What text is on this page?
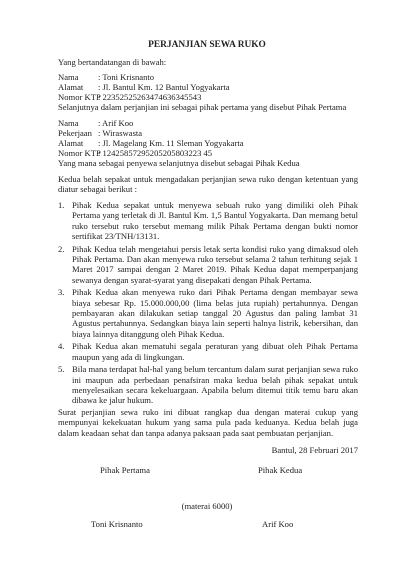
PERJANJIAN SEWA RUKO
Yang bertandatangan di bawah:
Nama : Toni Krisnanto
Alamat : Jl. Bantul Km. 12 Bantul Yogyakarta
Nomor KTP: 22352525263474636345543
Selanjutnya dalam perjanjian ini sebagai pihak pertama yang disebut Pihak Pertama
Nama : Arif Koo
Pekerjaan : Wiraswasta
Alamat : Jl. Magelang Km. 11 Sleman Yogyakarta
Nomor KTP: 12425857295205205803223 45
Yang mana sebagai penyewa selanjutnya disebut sebagai Pihak Kedua
Kedua belah sepakat untuk mengadakan perjanjian sewa ruko dengan ketentuan yang diatur sebagai berikut :
1. Pihak Kedua sepakat untuk menyewa sebuah ruko yang dimiliki oleh Pihak Pertama yang terletak di Jl. Bantul Km. 1,5 Bantul Yogyakarta. Dan memang betul ruko tersebut ruko tersebut memang milik Pihak Pertama dengan bukti nomor sertifikat 23/TNH/13131.
2. Pihak Kedua telah mengetahui persis letak serta kondisi ruko yang dimaksud oleh Pihak Pertama. Dan akan menyewa ruko tersebut selama 2 tahun terhitung sejak 1 Maret 2017 sampai dengan 2 Maret 2019. Pihak Kedua dapat memperpanjang sewanya dengan syarat-syarat yang disepakati dengan Pihak Pertama.
3. Pihak Kedua akan menyewa ruko dari Pihak Pertama dengan membayar sewa biaya sebesar Rp. 15.000.000,00 (lima belas juta rupiah) pertahunnya. Dengan pembayaran akan dilakukan setiap tanggal 20 Agustus dan paling lambat 31 Agustus pertahunnya. Sedangkan biaya lain seperti halnya listrik, kebersihan, dan biaya lainnya ditanggung oleh Pihak Kedua.
4. Pihak Kedua akan mematuhi segala peraturan yang dibuat oleh Pihak Pertama maupun yang ada di lingkungan.
5. Bila mana terdapat hal-hal yang belum tercantum dalam surat perjanjian sewa ruko ini maupun ada perbedaan penafsiran maka kedua belah pihak sepakat untuk menyelesaikan secara kekeluargaan. Apabila belum ditemui titik temu baru akan dibawa ke jalur hukum.
Surat perjanjian sewa ruko ini dibuat rangkap dua dengan materai cukup yang mempunyai kekekuatan hukum yang sama pula pada keduanya. Kedua belah juga dalam keadaan sehat dan tanpa adanya paksaan pada saat pembuatan perjanjian.
Bantul, 28 Februari 2017
Pihak Pertama	Pihak Kedua
(materai 6000)
Toni Krisnanto	Arif Koo
